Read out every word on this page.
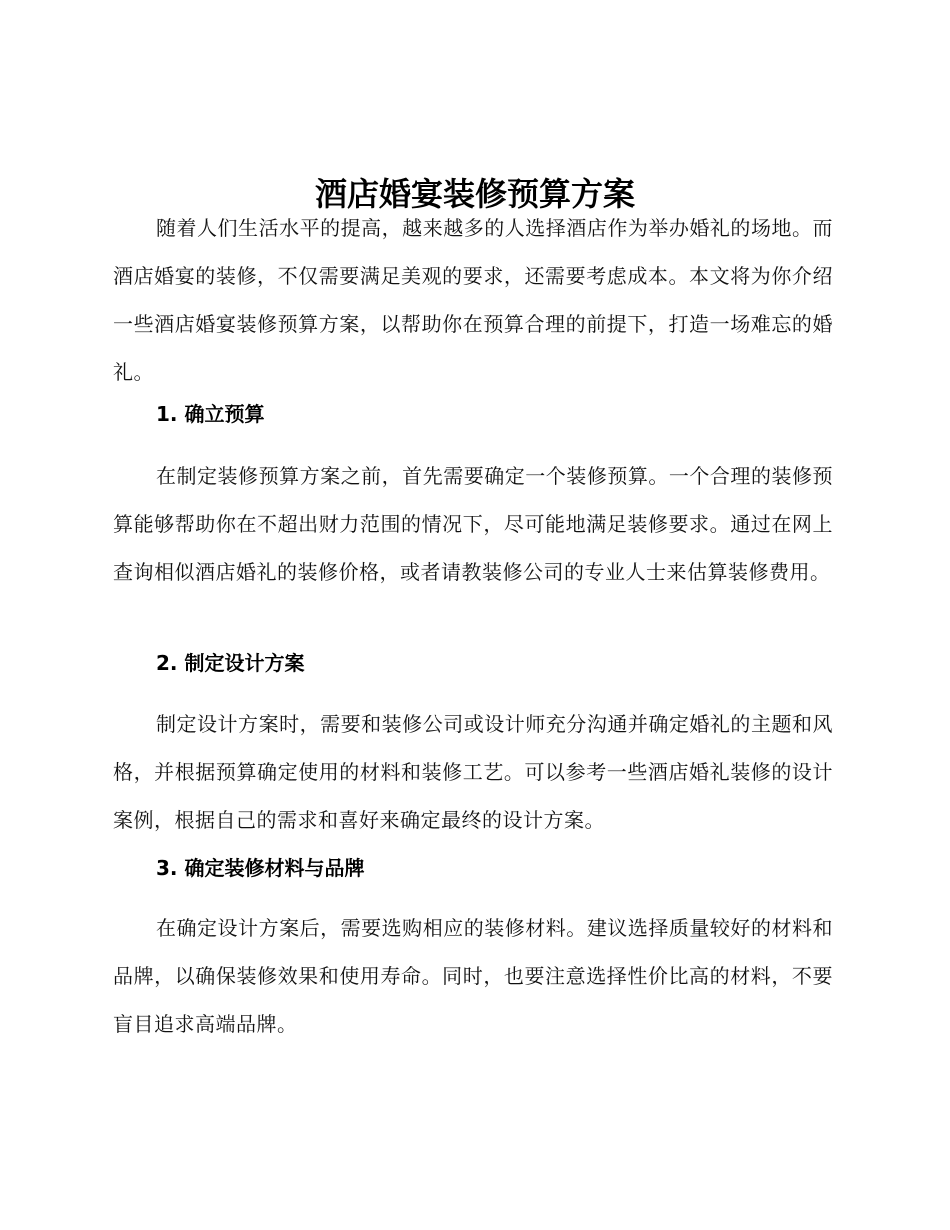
酒店婚宴装修预算方案

随着人们生活水平的提高，越来越多的人选择酒店作为举办婚礼的场地。而酒店婚宴的装修，不仅需要满足美观的要求，还需要考虑成本。本文将为你介绍一些酒店婚宴装修预算方案，以帮助你在预算合理的前提下，打造一场难忘的婚礼。

1. 确立预算

在制定装修预算方案之前，首先需要确定一个装修预算。一个合理的装修预算能够帮助你在不超出财力范围的情况下，尽可能地满足装修要求。通过在网上查询相似酒店婚礼的装修价格，或者请教装修公司的专业人士来估算装修费用。

2. 制定设计方案

制定设计方案时，需要和装修公司或设计师充分沟通并确定婚礼的主题和风格，并根据预算确定使用的材料和装修工艺。可以参考一些酒店婚礼装修的设计案例，根据自己的需求和喜好来确定最终的设计方案。

3. 确定装修材料与品牌

在确定设计方案后，需要选购相应的装修材料。建议选择质量较好的材料和品牌，以确保装修效果和使用寿命。同时，也要注意选择性价比高的材料，不要盲目追求高端品牌。
